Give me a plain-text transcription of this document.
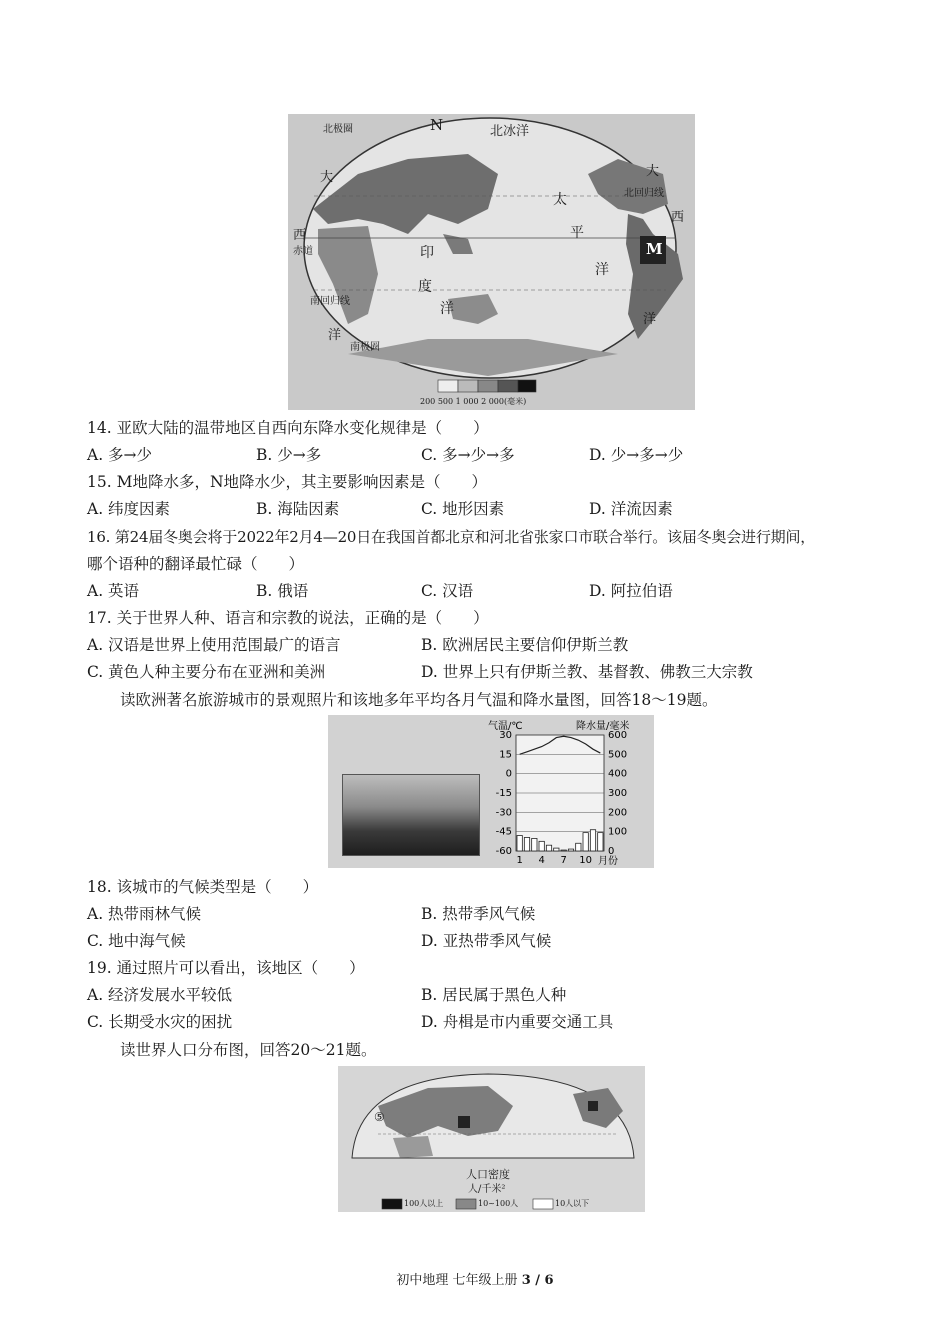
北极圈	N	北冰洋
大
西
赤道
南回归线
洋
南极圈
印
度
洋
太
平
洋
大
北回归线
西
洋
M
200 500 1 000 2 000(毫米)
14. 亚欧大陆的温带地区自西向东降水变化规律是（　　）
A. 多→少	B. 少→多	C. 多→少→多	D. 少→多→少
15. M地降水多，N地降水少，其主要影响因素是（　　）
A. 纬度因素	B. 海陆因素	C. 地形因素	D. 洋流因素
16. 第24届冬奥会将于2022年2月4—20日在我国首都北京和河北省张家口市联合举行。该届冬奥会进行期间，
哪个语种的翻译最忙碌（　　）
A. 英语	B. 俄语	C. 汉语	D. 阿拉伯语
17. 关于世界人种、语言和宗教的说法，正确的是（　　）
A. 汉语是世界上使用范围最广的语言	B. 欧洲居民主要信仰伊斯兰教
C. 黄色人种主要分布在亚洲和美洲	D. 世界上只有伊斯兰教、基督教、佛教三大宗教
读欧洲著名旅游城市的景观照片和该地多年平均各月气温和降水量图，回答18～19题。
30
15
0
-15
-30
-45
-60
600
500
400
300
200
100
0
气温/℃	降水量/毫米
1 4 7 10 月份
18. 该城市的气候类型是（　　）
A. 热带雨林气候	B. 热带季风气候
C. 地中海气候	D. 亚热带季风气候
19. 通过照片可以看出，该地区（　　）
A. 经济发展水平较低	B. 居民属于黑色人种
C. 长期受水灾的困扰	D. 舟楫是市内重要交通工具
读世界人口分布图，回答20～21题。
⑤
人口密度
人/千米²
100人以上	10~100人	10人以下
初中地理 七年级上册 3 / 6
